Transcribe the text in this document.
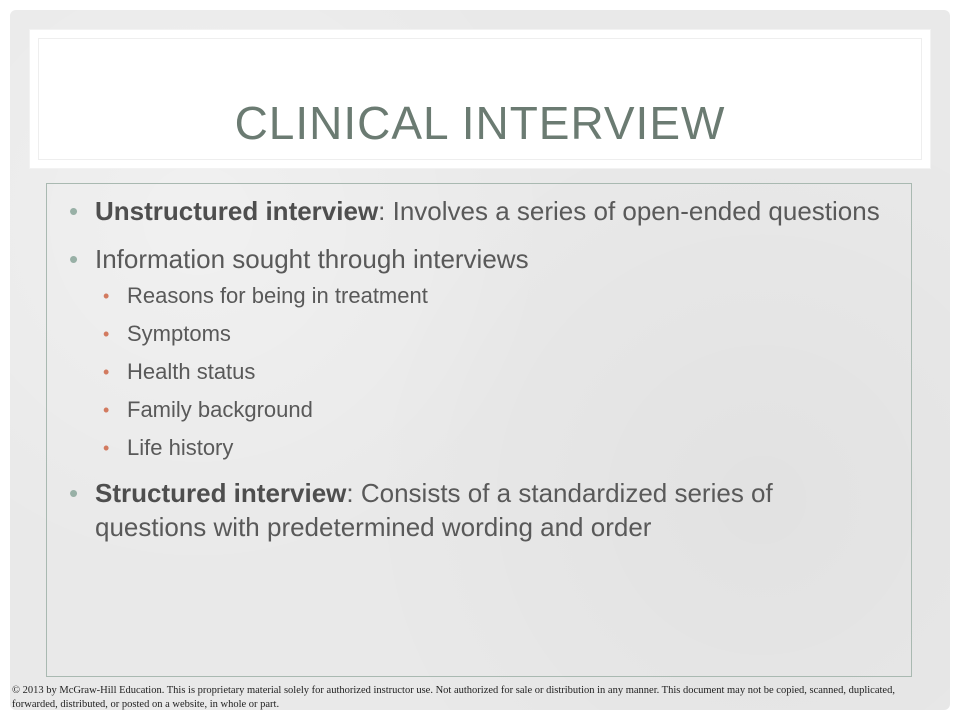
CLINICAL INTERVIEW
• Unstructured interview: Involves a series of open-ended questions
• Information sought through interviews
• Reasons for being in treatment
• Symptoms
• Health status
• Family background
• Life history
• Structured interview: Consists of a standardized series of questions with predetermined wording and order
© 2013 by McGraw-Hill Education. This is proprietary material solely for authorized instructor use. Not authorized for sale or distribution in any manner. This document may not be copied, scanned, duplicated, forwarded, distributed, or posted on a website, in whole or part.
